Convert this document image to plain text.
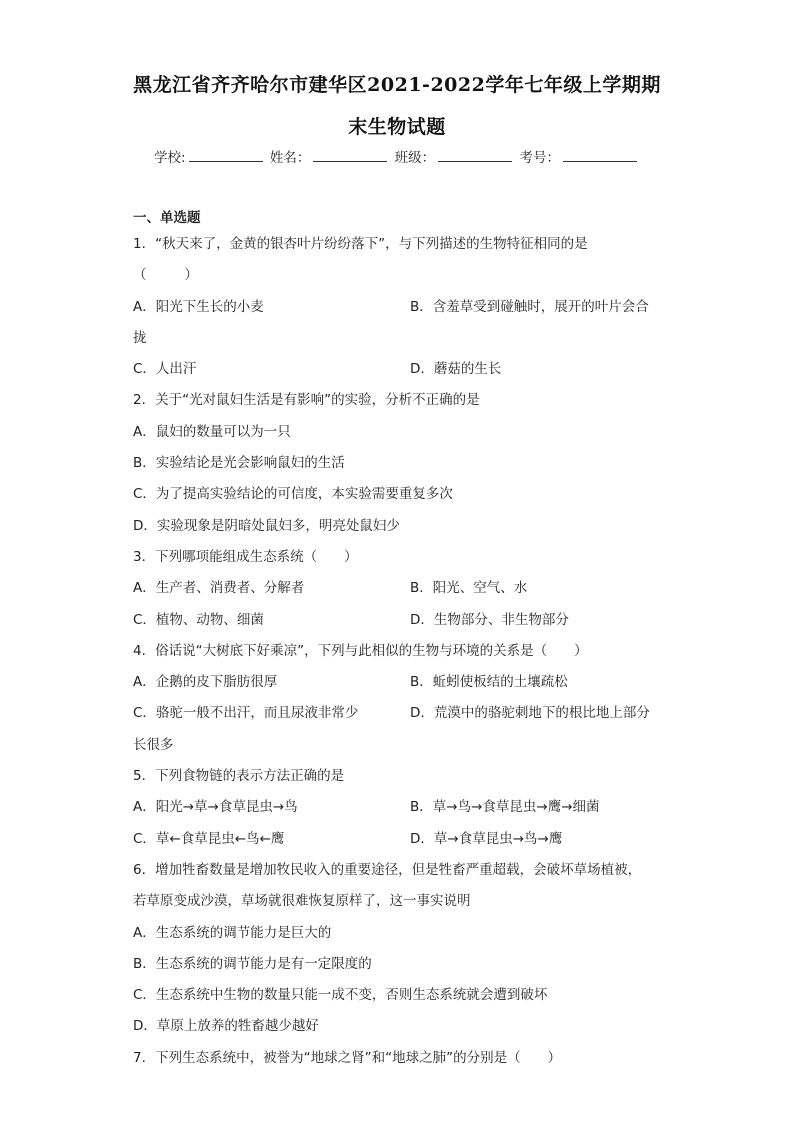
黑龙江省齐齐哈尔市建华区2021-2022学年七年级上学期期
末生物试题
学校:	姓名：	班级：	考号：
一、单选题
1．“秋天来了，金黄的银杏叶片纷纷落下”，与下列描述的生物特征相同的是
（	）
A．阳光下生长的小麦	B．含羞草受到碰触时，展开的叶片会合
拢
C．人出汗	D．蘑菇的生长
2．关于“光对鼠妇生活是有影响”的实验，分析不正确的是
A．鼠妇的数量可以为一只
B．实验结论是光会影响鼠妇的生活
C．为了提高实验结论的可信度，本实验需要重复多次
D．实验现象是阴暗处鼠妇多，明亮处鼠妇少
3．下列哪项能组成生态系统（　　）
A．生产者、消费者、分解者	B．阳光、空气、水
C．植物、动物、细菌	D．生物部分、非生物部分
4．俗话说“大树底下好乘凉”，下列与此相似的生物与环境的关系是（　　）
A．企鹅的皮下脂肪很厚	B．蚯蚓使板结的土壤疏松
C．骆驼一般不出汗，而且尿液非常少	D．荒漠中的骆驼刺地下的根比地上部分
长很多
5．下列食物链的表示方法正确的是
A．阳光→草→食草昆虫→鸟	B．草→鸟→食草昆虫→鹰→细菌
C．草←食草昆虫←鸟←鹰	D．草→食草昆虫→鸟→鹰
6．增加牲畜数量是增加牧民收入的重要途径，但是牲畜严重超载，会破坏草场植被，
若草原变成沙漠，草场就很难恢复原样了，这一事实说明
A．生态系统的调节能力是巨大的
B．生态系统的调节能力是有一定限度的
C．生态系统中生物的数量只能一成不变，否则生态系统就会遭到破坏
D．草原上放养的牲畜越少越好
7．下列生态系统中，被誉为“地球之肾”和“地球之肺”的分别是（　　）
